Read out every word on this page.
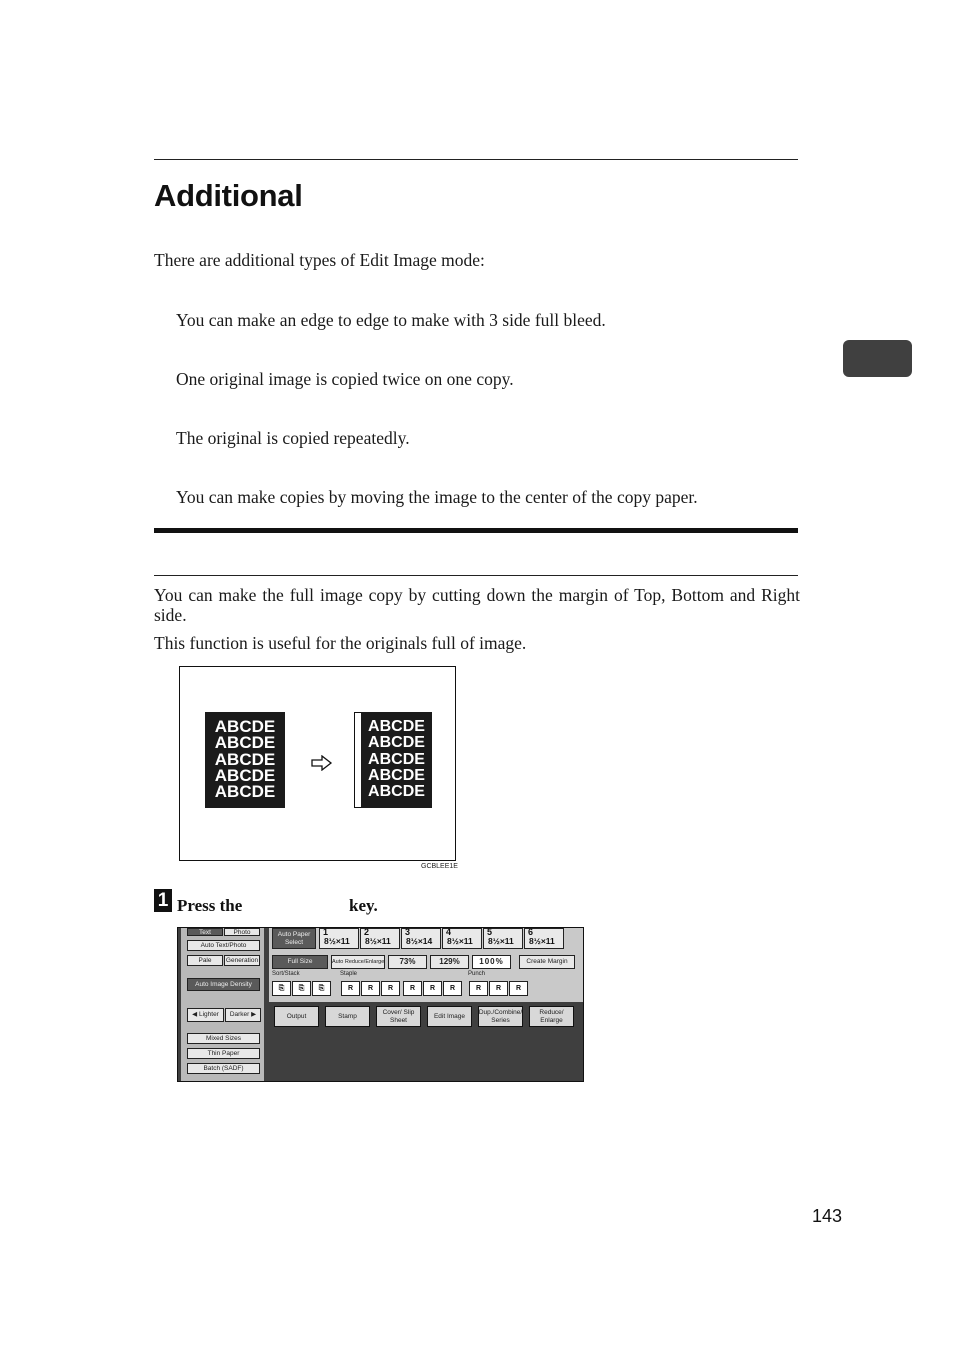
Additional
There are additional types of Edit Image mode:
You can make an edge to edge to make with 3 side full bleed.
One original image is copied twice on one copy.
The original is copied repeatedly.
You can make copies by moving the image to the center of the copy paper.
You can make the full image copy by cutting down the margin of Top, Bottom and Right side.
This function is useful for the originals full of image.
ABCDE
ABCDE
ABCDE
ABCDE
ABCDE
ABCDE
ABCDE
ABCDE
ABCDE
ABCDE
GCBLEE1E
1 Press the	key.
Text	Photo
Auto Text/Photo
Pale	Generation
Auto Image Density
◀ Lighter	Darker ▶
Mixed Sizes
Thin Paper
Batch (SADF)
Auto Paper Select
1
8½×11
2
8½×11
3
8½×14
4
8½×11
5
8½×11
6
8½×11
Full Size	Auto Reduce/Enlarge	73%	129%	100%	Create Margin
Sort/Stack	Staple	Punch
⎘	⎘	⎘	R	R	R	R	R	R	R	R	R
Output	Stamp
Cover/ Slip Sheet
Edit Image
Dup./Combine/ Series
Reduce/ Enlarge
143
